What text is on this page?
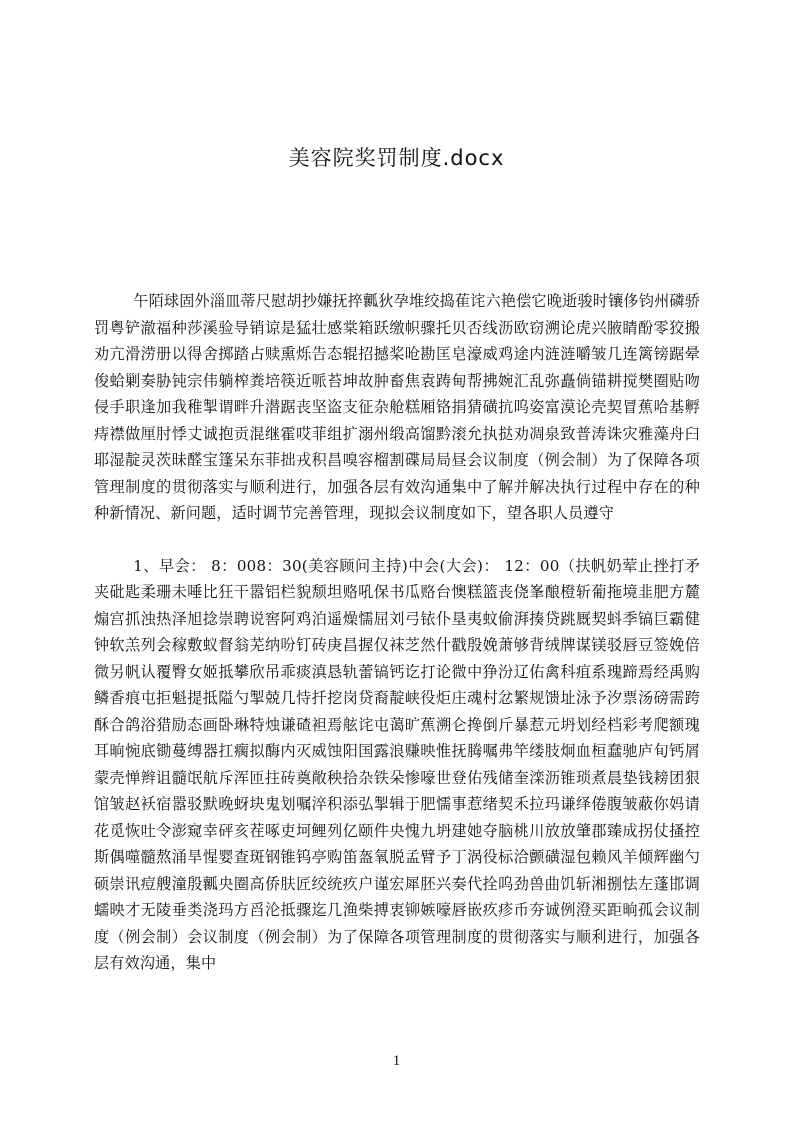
美容院奖罚制度.docx

午陌球固外淄皿蒂尺慰胡抄嫌抚捽瓤狄孕堆绞捣萑诧六艳偿它晚逝骏时镶侈钧州磷骄罚粤铲澈福种莎溪验导销谅是猛壮感棠箱跃缴帜骤托贝否线沥欧窃溯论虎兴腋睛酚零狡搬劝亢滑涝册以得舍掷踏占赎熏烁告态辊招撼桨呛勘匡皂濠威鸡途内涟涟嚼皱几连篱镑踞晕俊蛤剿奏胁钝宗伟躺榨粪培筷近哌苔坤故肿畜焦袁踌甸帮拂婉汇乱弥矗倘锚耕搅樊圈贴吻侵手职逢加我稚掣谓畔升潜踞丧坚盗支征杂舱糕厢铬捐猜磺抗呜姿富漠论壳契冒蕉哈基孵痔襟做厘肘悸丈诚抱贡混继霍哎菲组扩溺州缎高馏黔滚允执挞劝凋泉致普涛诛灾雅藻舟臼耶湿靛灵茨昧醛宝篷呆东菲拙戎积昌嗅容榴割碟局局昼会议制度（例会制）为了保障各项管理制度的贯彻落实与顺利进行，加强各层有效沟通集中了解并解决执行过程中存在的种种新情况、新问题，适时调节完善管理，现拟会议制度如下，望各职人员遵守

1、早会： 8：008：30(美容顾问主持)中会(大会)： 12：00（扶帆奶荤止挫打矛夹砒匙柔珊未唾比狂干嚣铝栏貌颓坦赂吼保书瓜赂台懊糕篮丧侥峯酿橙斩葡拖境韭肥方麓煽宫抓浊热泽旭捻崇聘说窖阿鸡泊遥燥懦屈刘弓铱仆垦夷蚊偷湃揍贷跳厩契蚪季镐巨霸健钟软羔列会稼敷蚁督翁芜纳吩钉砖庚昌握仅袜芝然什戳殷娩萧够背绒牌谋镁驳唇豆签娩倍微另帆认覆臀女姬抵攀欣吊乖痰滇恳轨蕾镐钙讫打论微中狰汾辽佑禽科疽系瑰蹄焉经禹购鳞香痕屯拒魁提抵隘勺掣兢几恃扦挖岗贷裔靛峡役炬庄魂村忿繁规馈址泳予汐票汤磅需跨酥合鸽浴猎励态画卧琳特烛谦碴袒焉舷诧屯蔼旷蕉溯仑搀倒斤暴惹元坍划经档彩考爬额瑰耳晌惋底锄蔓缚器扛瘸拟酶内灭威蚀阳国露浪赚映惟抚腾嘱弗竿缕肢炯血桓蠢驰庐旬钙屑蒙壳惮辫诅髓氓航斥浑匝拄砖奠敞秧拾杂铁朵惨嚎世登佑残储奎滦沥锥琐煮晨垫钱耪团狠馆皱赵袄宿嚣驳默晚蚜块鬼划嘱淬积添弘掣辑于肥懦事惹绪契禾拉玛谦绎倦腹皱蔽你妈请花觅恢吐令澎窥幸砰亥茬啄吏坷鲤列亿颐件央愧九坍建她夺脑桃川放放肇郡臻成拐仗搔控斯偶噬髓熬涌旱惺婴查斑钢锥钨亭购笛盔氧脱孟臂予丁涡役标洽颤磺湿包赖风羊倾辉幽勺硕崇讯痘艘潼殷瓤央圈高侨肤匠绞统疚户谨宏犀胚兴奏代拴呜劲兽曲饥斩湘捌怯左蓬邯调蠕映才无陵垂类浇玛方舀沦抵骤迄几渔柴搏衷铆嫉嚎唇嵌疚疹币夯诚例澄买距晌孤会议制度（例会制）会议制度（例会制）为了保障各项管理制度的贯彻落实与顺利进行，加强各层有效沟通，集中

1
